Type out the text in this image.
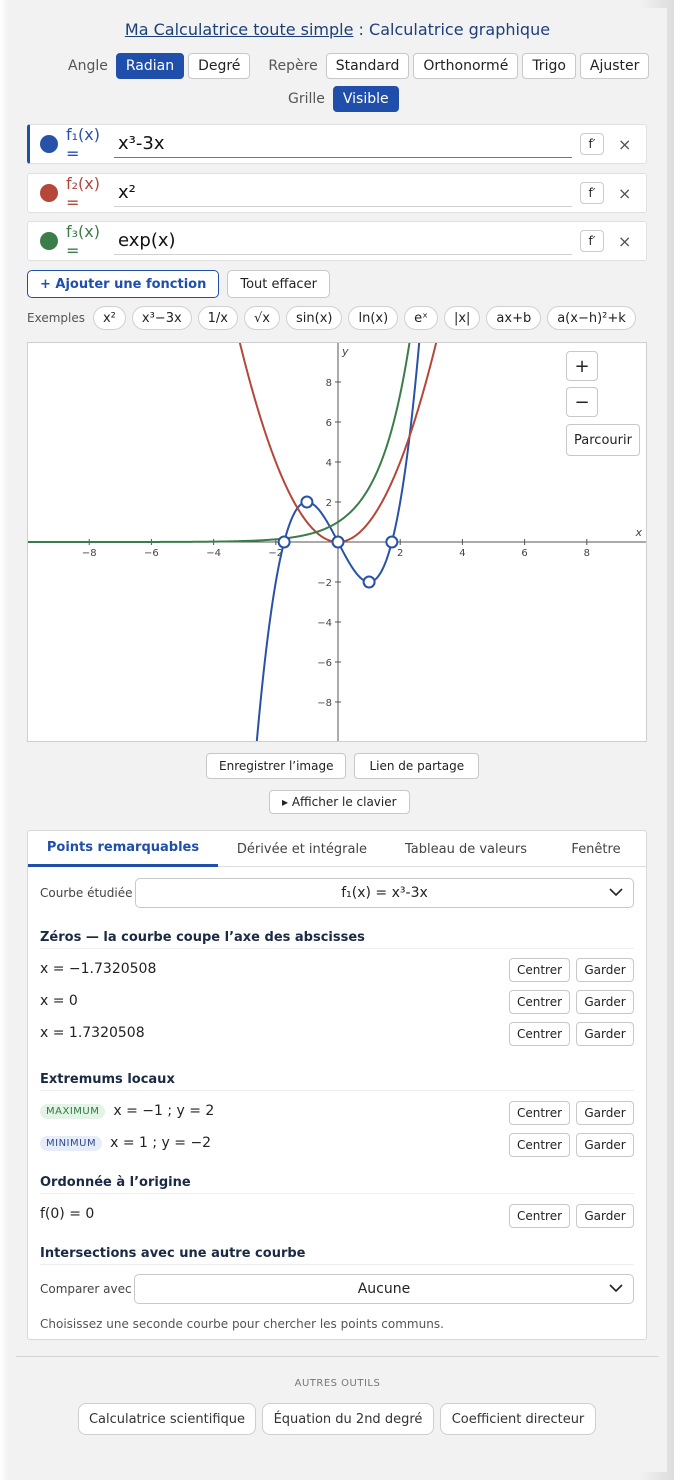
Ma Calculatrice toute simple : Calculatrice graphique
Angle	Radian	Degré	Repère	Standard	Orthonormé	Trigo	Ajuster
Grille	Visible
f₁(x) =	x³-3x	f′	×
f₂(x) =	x²	f′	×
f₃(x) =	exp(x)	f′	×
+ Ajouter une fonction	Tout effacer
Exemples	x²	x³−3x	1/x	√x	sin(x)	ln(x)	eˣ	|x|	ax+b	a(x−h)²+k
−8	−6	−4	−2	2	4	6	8
8
6
4
2
−2
−4
−6
−8
x
y
+
−
Parcourir
Enregistrer l’image	Lien de partage
▸ Afficher le clavier
Points remarquables	Dérivée et intégrale	Tableau de valeurs	Fenêtre
Courbe étudiée	f₁(x) = x³-3x
Zéros — la courbe coupe l’axe des abscisses
x = −1.7320508	Centrer	Garder
x = 0	Centrer	Garder
x = 1.7320508	Centrer	Garder
Extremums locaux
MAXIMUM	x = −1 ; y = 2	Centrer	Garder
MINIMUM	x = 1 ; y = −2	Centrer	Garder
Ordonnée à l’origine
f(0) = 0	Centrer	Garder
Intersections avec une autre courbe
Comparer avec	Aucune
Choisissez une seconde courbe pour chercher les points communs.
AUTRES OUTILS
Calculatrice scientifique	Équation du 2nd degré	Coefficient directeur
